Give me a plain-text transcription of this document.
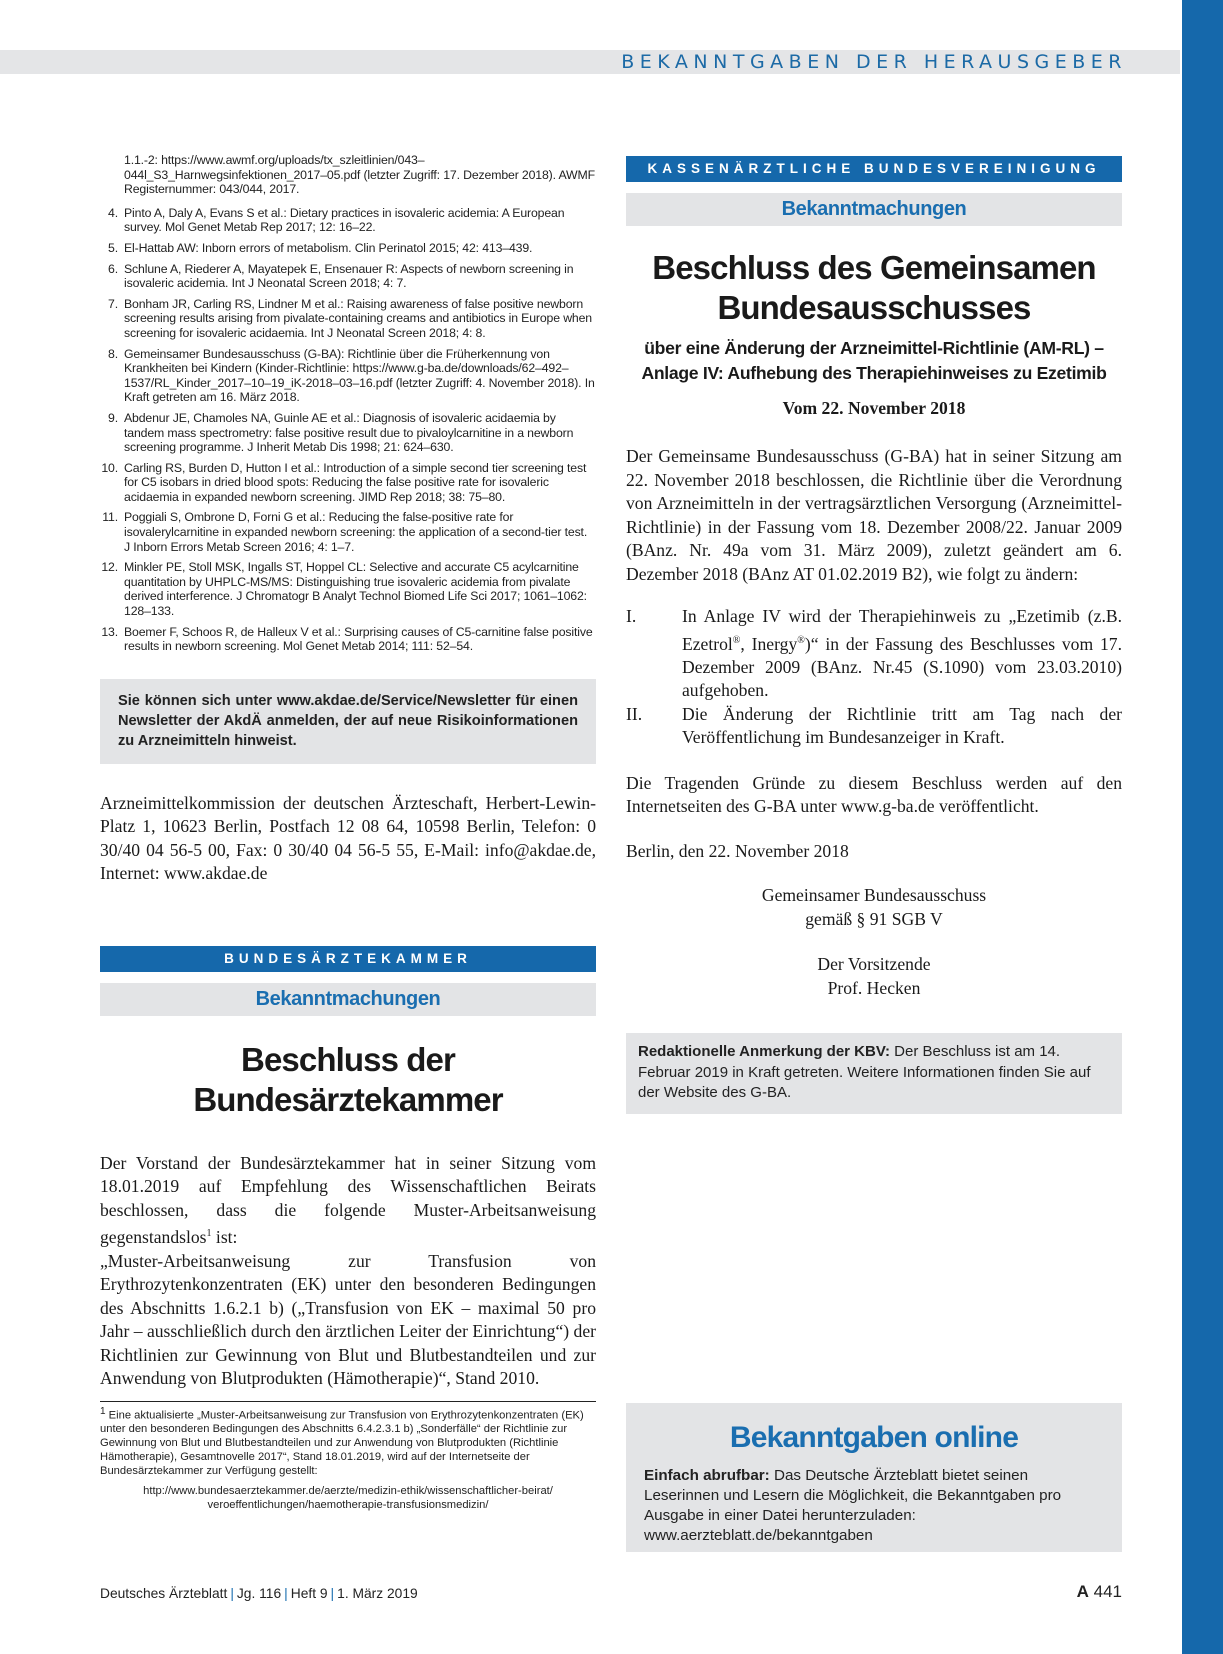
BEKANNTGABEN DER HERAUSGEBER
1.1.-2: https://www.awmf.org/uploads/tx_szleitlinien/043–044l_S3_Harnwegsinfektionen_2017–05.pdf (letzter Zugriff: 17. Dezember 2018). AWMF Registernummer: 043/044, 2017.
4. Pinto A, Daly A, Evans S et al.: Dietary practices in isovaleric acidemia: A European survey. Mol Genet Metab Rep 2017; 12: 16–22.
5. El-Hattab AW: Inborn errors of metabolism. Clin Perinatol 2015; 42: 413–439.
6. Schlune A, Riederer A, Mayatepek E, Ensenauer R: Aspects of newborn screening in isovaleric acidemia. Int J Neonatal Screen 2018; 4: 7.
7. Bonham JR, Carling RS, Lindner M et al.: Raising awareness of false positive newborn screening results arising from pivalate-containing creams and antibiotics in Europe when screening for isovaleric acidaemia. Int J Neonatal Screen 2018; 4: 8.
8. Gemeinsamer Bundesausschuss (G-BA): Richtlinie über die Früherkennung von Krankheiten bei Kindern (Kinder-Richtlinie: https://www.g-ba.de/downloads/62–492–1537/RL_Kinder_2017–10–19_iK-2018–03–16.pdf (letzter Zugriff: 4. November 2018). In Kraft getreten am 16. März 2018.
9. Abdenur JE, Chamoles NA, Guinle AE et al.: Diagnosis of isovaleric acidaemia by tandem mass spectrometry: false positive result due to pivaloylcarnitine in a newborn screening programme. J Inherit Metab Dis 1998; 21: 624–630.
10. Carling RS, Burden D, Hutton I et al.: Introduction of a simple second tier screening test for C5 isobars in dried blood spots: Reducing the false positive rate for isovaleric acidaemia in expanded newborn screening. JIMD Rep 2018; 38: 75–80.
11. Poggiali S, Ombrone D, Forni G et al.: Reducing the false-positive rate for isovalerylcarnitine in expanded newborn screening: the application of a second-tier test. J Inborn Errors Metab Screen 2016; 4: 1–7.
12. Minkler PE, Stoll MSK, Ingalls ST, Hoppel CL: Selective and accurate C5 acylcarnitine quantitation by UHPLC-MS/MS: Distinguishing true isovaleric acidemia from pivalate derived interference. J Chromatogr B Analyt Technol Biomed Life Sci 2017; 1061–1062: 128–133.
13. Boemer F, Schoos R, de Halleux V et al.: Surprising causes of C5-carnitine false positive results in newborn screening. Mol Genet Metab 2014; 111: 52–54.
Sie können sich unter www.akdae.de/Service/Newsletter für einen Newsletter der AkdÄ anmelden, der auf neue Risikoinformationen zu Arzneimitteln hinweist.
Arzneimittelkommission der deutschen Ärzteschaft, Herbert-Lewin-Platz 1, 10623 Berlin, Postfach 12 08 64, 10598 Berlin, Telefon: 0 30/40 04 56-5 00, Fax: 0 30/40 04 56-5 55, E-Mail: info@akdae.de, Internet: www.akdae.de
BUNDESÄRZTEKAMMER
Bekanntmachungen
Beschluss der Bundesärztekammer
Der Vorstand der Bundesärztekammer hat in seiner Sitzung vom 18.01.2019 auf Empfehlung des Wissenschaftlichen Beirats beschlossen, dass die folgende Muster-Arbeitsanweisung gegenstandslos$^1$ ist:
„Muster-Arbeitsanweisung zur Transfusion von Erythrozytenkonzentraten (EK) unter den besonderen Bedingungen des Abschnitts 1.6.2.1 b) („Transfusion von EK – maximal 50 pro Jahr – ausschließlich durch den ärztlichen Leiter der Einrichtung“) der Richtlinien zur Gewinnung von Blut und Blutbestandteilen und zur Anwendung von Blutprodukten (Hämotherapie)“, Stand 2010.
$^1$ Eine aktualisierte „Muster-Arbeitsanweisung zur Transfusion von Erythrozytenkonzentraten (EK) unter den besonderen Bedingungen des Abschnitts 6.4.2.3.1 b) „Sonderfälle“ der Richtlinie zur Gewinnung von Blut und Blutbestandteilen und zur Anwendung von Blutprodukten (Richtlinie Hämotherapie), Gesamtnovelle 2017“, Stand 18.01.2019, wird auf der Internetseite der Bundesärztekammer zur Verfügung gestellt:
http://www.bundesaerztekammer.de/aerzte/medizin-ethik/wissenschaftlicher-beirat/
veroeffentlichungen/haemotherapie-transfusionsmedizin/
KASSENÄRZTLICHE BUNDESVEREINIGUNG
Bekanntmachungen
Beschluss des Gemeinsamen
Bundesausschusses
über eine Änderung der Arzneimittel-Richtlinie (AM-RL) –
Anlage IV: Aufhebung des Therapiehinweises zu Ezetimib
Vom 22. November 2018
Der Gemeinsame Bundesausschuss (G-BA) hat in seiner Sitzung am 22. November 2018 beschlossen, die Richtlinie über die Verordnung von Arzneimitteln in der vertragsärztlichen Versorgung (Arzneimittel-Richtlinie) in der Fassung vom 18. Dezember 2008/22. Januar 2009 (BAnz. Nr. 49a vom 31. März 2009), zuletzt geändert am 6. Dezember 2018 (BAnz AT 01.02.2019 B2), wie folgt zu ändern:
I.	In Anlage IV wird der Therapiehinweis zu „Ezetimib (z.B. Ezetrol®, Inergy®)“ in der Fassung des Beschlusses vom 17. Dezember 2009 (BAnz. Nr.45 (S.1090) vom 23.03.2010) aufgehoben.
II. Die Änderung der Richtlinie tritt am Tag nach der Veröffentlichung im Bundesanzeiger in Kraft.
Die Tragenden Gründe zu diesem Beschluss werden auf den Internetseiten des G-BA unter www.g-ba.de veröffentlicht.
Berlin, den 22. November 2018
Gemeinsamer Bundesausschuss
gemäß § 91 SGB V
Der Vorsitzende
Prof. Hecken
Redaktionelle Anmerkung der KBV: Der Beschluss ist am 14. Februar 2019 in Kraft getreten. Weitere Informationen finden Sie auf der Website des G-BA.
Bekanntgaben online
Einfach abrufbar: Das Deutsche Ärzteblatt bietet seinen Leserinnen und Lesern die Möglichkeit, die Bekanntgaben pro Ausgabe in einer Datei herunterzuladen: www.aerzteblatt.de/bekanntgaben
Deutsches Ärzteblatt | Jg. 116 | Heft 9 | 1. März 2019	A 441
